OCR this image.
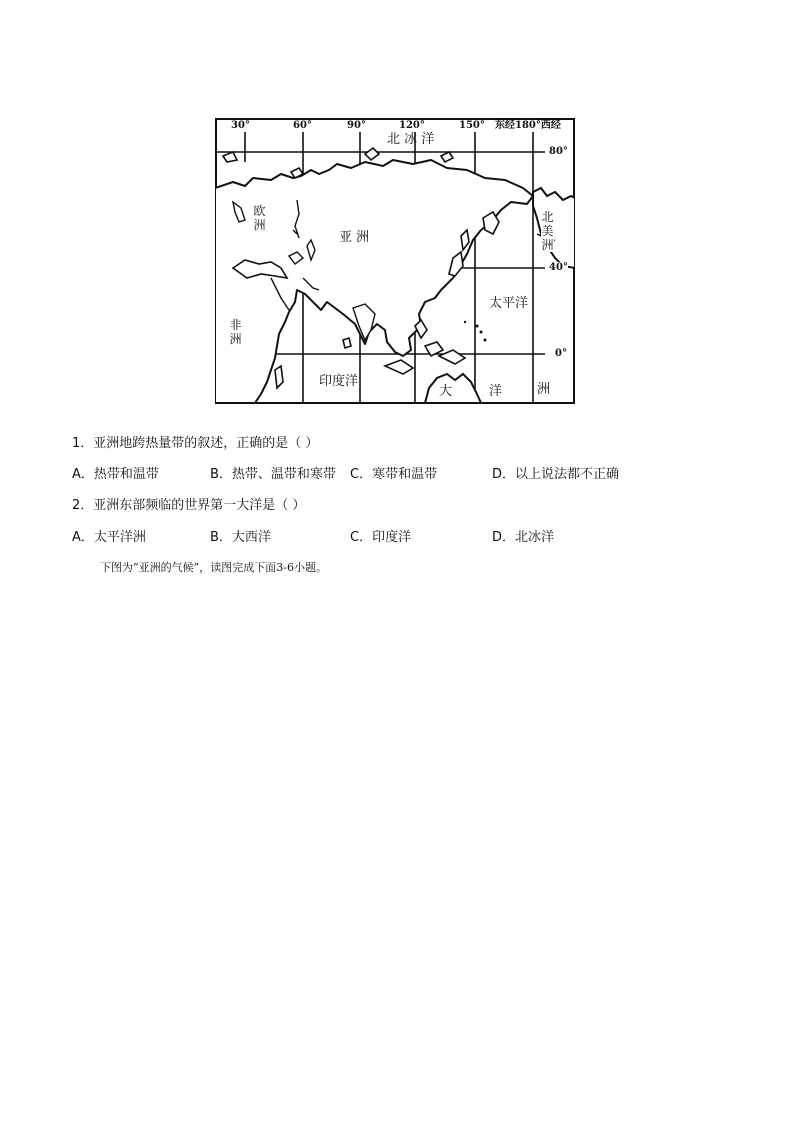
30°	60°	90°	120°	150° 东经180°西经
80°
40°
0°
北 冰 洋
亚 洲
欧洲
非洲
北美洲
太平洋
印度洋
大	洋	洲
1．亚洲地跨热量带的叙述，正确的是（ ）
A．热带和温带	B．热带、温带和寒带 C．寒带和温带	D．以上说法都不正确
2．亚洲东部频临的世界第一大洋是（ ）
A．太平洋洲	B．大西洋	C．印度洋	D．北冰洋
下图为“亚洲的气候”，读图完成下面3-6小题。
